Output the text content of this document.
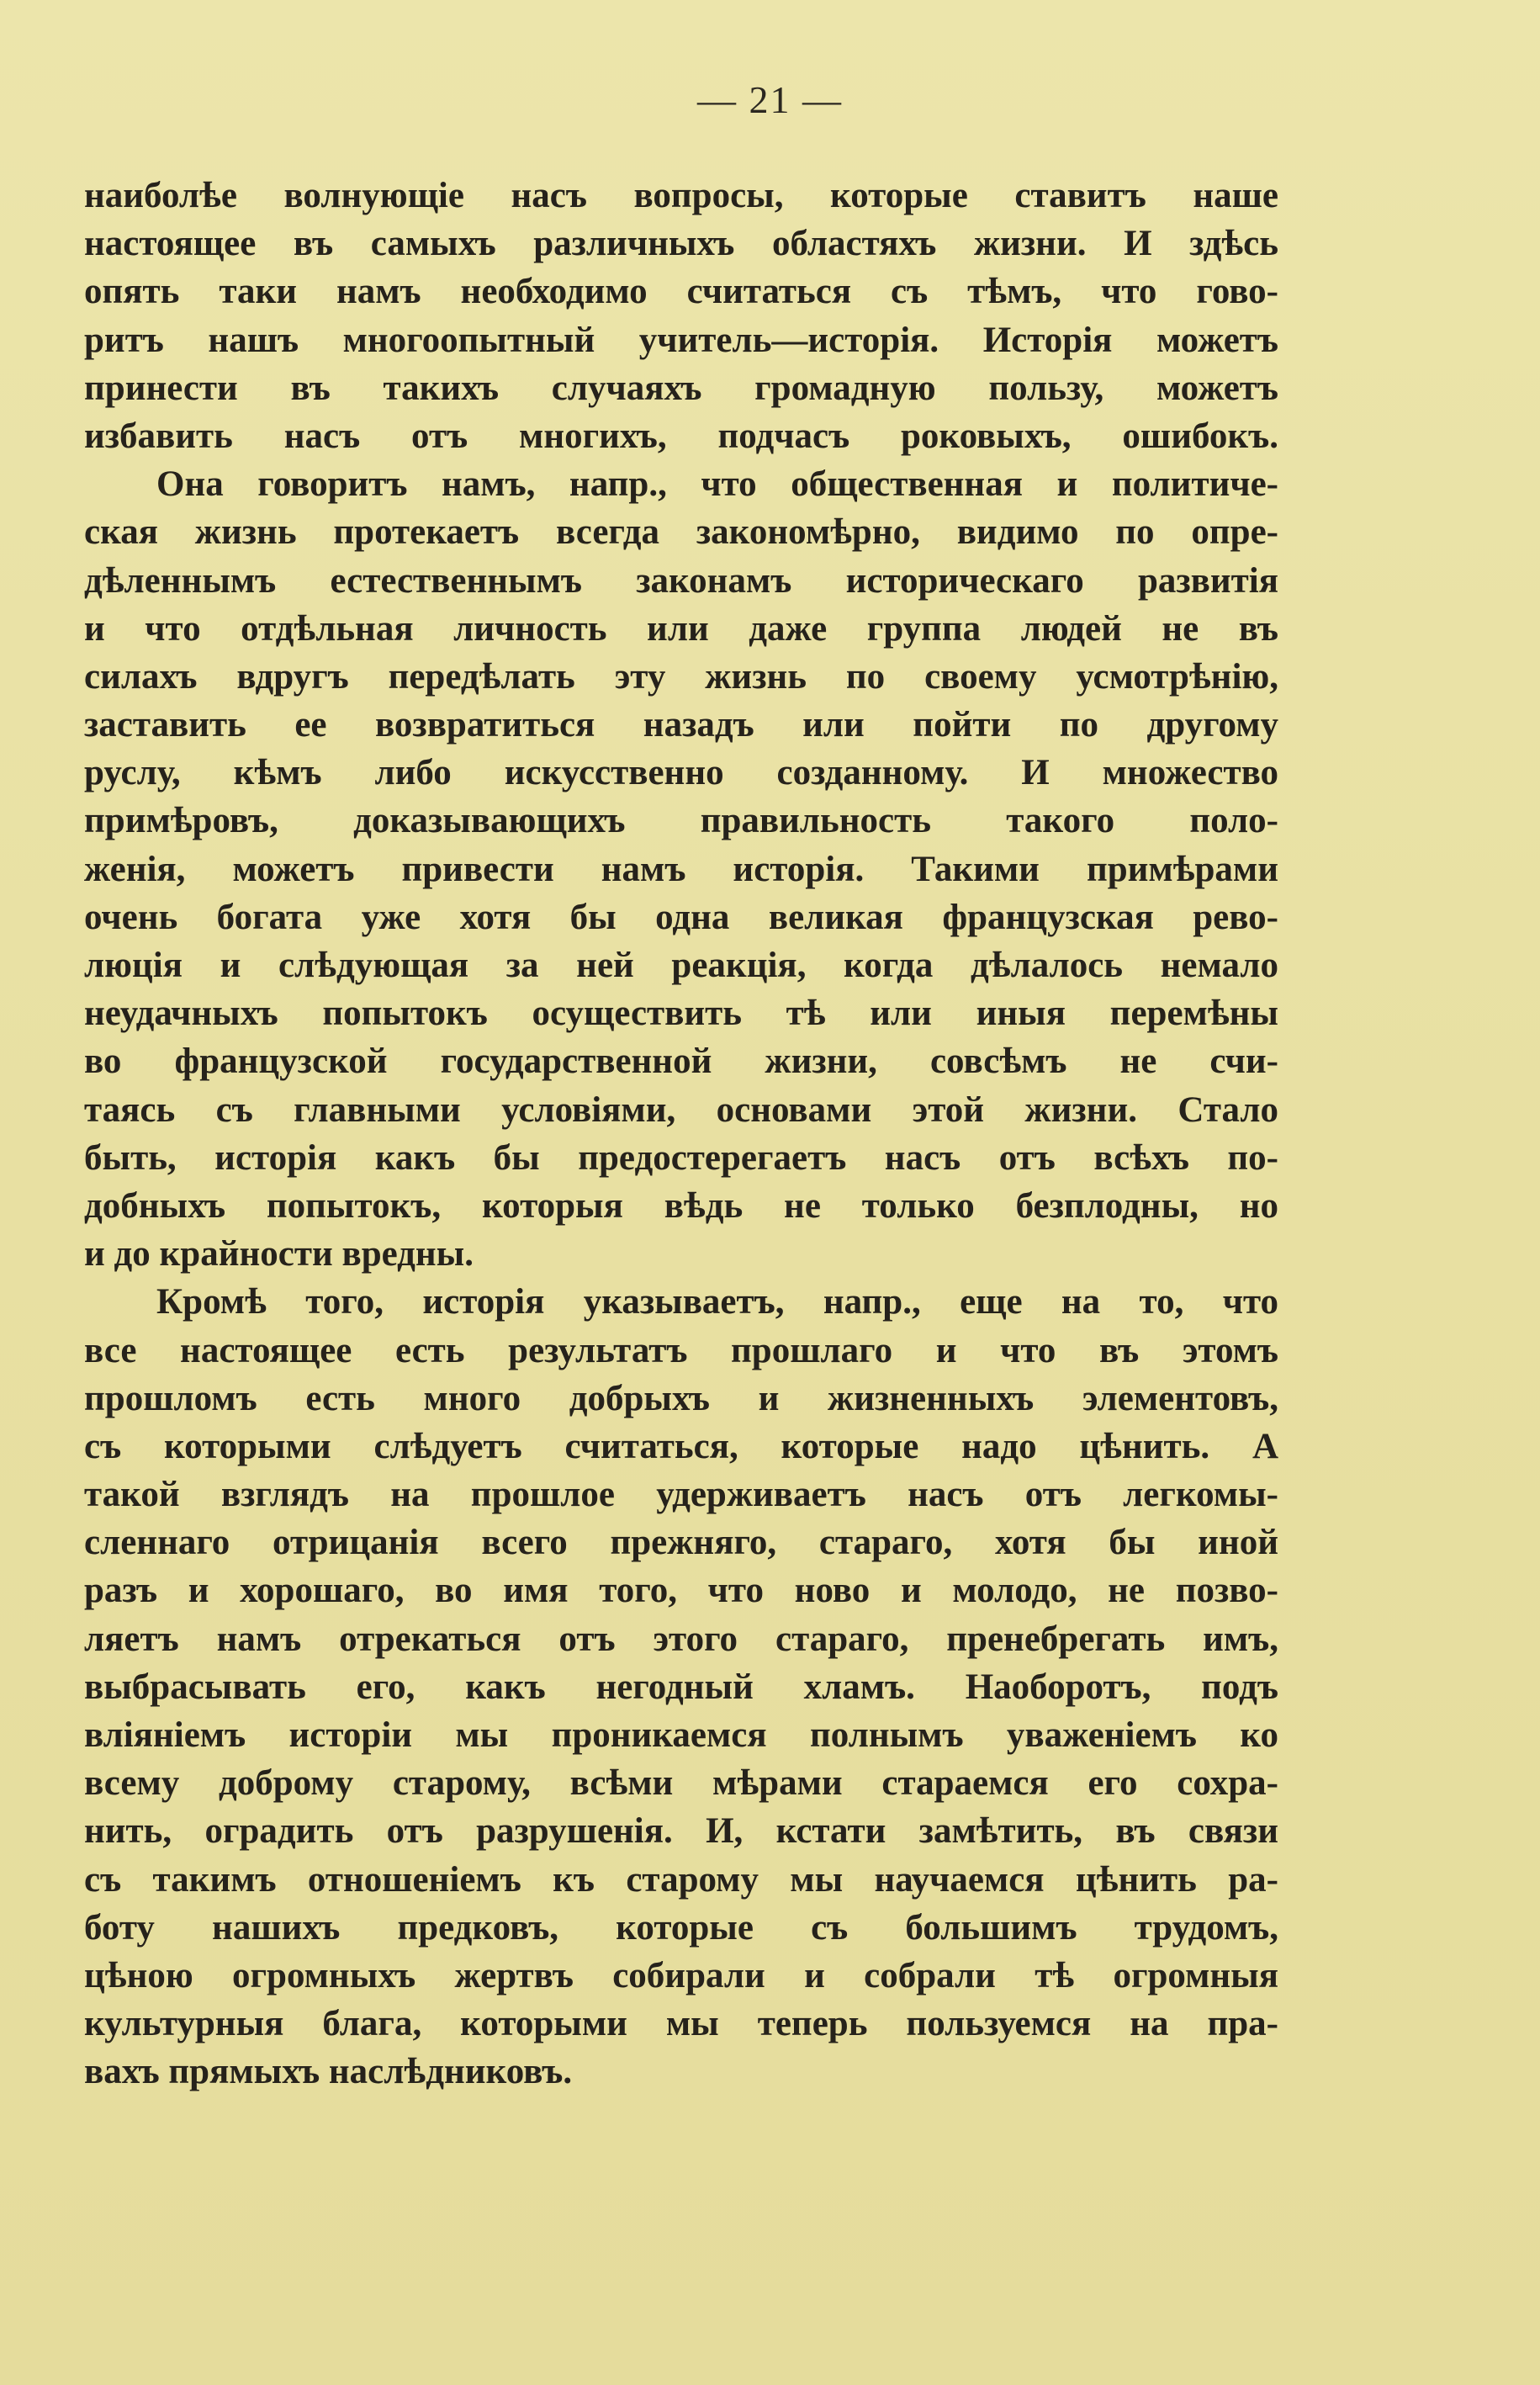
— 21 —
наиболѣе волнующіе насъ вопросы, которые ставитъ наше
настоящее въ самыхъ различныхъ областяхъ жизни. И здѣсь
опять таки намъ необходимо считаться съ тѣмъ, что гово-
ритъ нашъ многоопытный учитель—исторія. Исторія можетъ
принести въ такихъ случаяхъ громадную пользу, можетъ
избавить насъ отъ многихъ, подчасъ роковыхъ, ошибокъ.
Она говоритъ намъ, напр., что общественная и политиче-
ская жизнь протекаетъ всегда закономѣрно, видимо по опре-
дѣленнымъ естественнымъ законамъ историческаго развитія
и что отдѣльная личность или даже группа людей не въ
силахъ вдругъ передѣлать эту жизнь по своему усмотрѣнію,
заставить ее возвратиться назадъ или пойти по другому
руслу, кѣмъ либо искусственно созданному. И множество
примѣровъ, доказывающихъ правильность такого поло-
женія, можетъ привести намъ исторія. Такими примѣрами
очень богата уже хотя бы одна великая французская рево-
люція и слѣдующая за ней реакція, когда дѣлалось немало
неудачныхъ попытокъ осуществить тѣ или иныя перемѣны
во французской государственной жизни, совсѣмъ не счи-
таясь съ главными условіями, основами этой жизни. Стало
быть, исторія какъ бы предостерегаетъ насъ отъ всѣхъ по-
добныхъ попытокъ, которыя вѣдь не только безплодны, но
и до крайности вредны.
Кромѣ того, исторія указываетъ, напр., еще на то, что
все настоящее есть результатъ прошлаго и что въ этомъ
прошломъ есть много добрыхъ и жизненныхъ элементовъ,
съ которыми слѣдуетъ считаться, которые надо цѣнить. А
такой взглядъ на прошлое удерживаетъ насъ отъ легкомы-
сленнаго отрицанія всего прежняго, стараго, хотя бы иной
разъ и хорошаго, во имя того, что ново и молодо, не позво-
ляетъ намъ отрекаться отъ этого стараго, пренебрегать имъ,
выбрасывать его, какъ негодный хламъ. Наоборотъ, подъ
вліяніемъ исторіи мы проникаемся полнымъ уваженіемъ ко
всему доброму старому, всѣми мѣрами стараемся его сохра-
нить, оградить отъ разрушенія. И, кстати замѣтить, въ связи
съ такимъ отношеніемъ къ старому мы научаемся цѣнить ра-
боту нашихъ предковъ, которые съ большимъ трудомъ,
цѣною огромныхъ жертвъ собирали и собрали тѣ огромныя
культурныя блага, которыми мы теперь пользуемся на пра-
вахъ прямыхъ наслѣдниковъ.
